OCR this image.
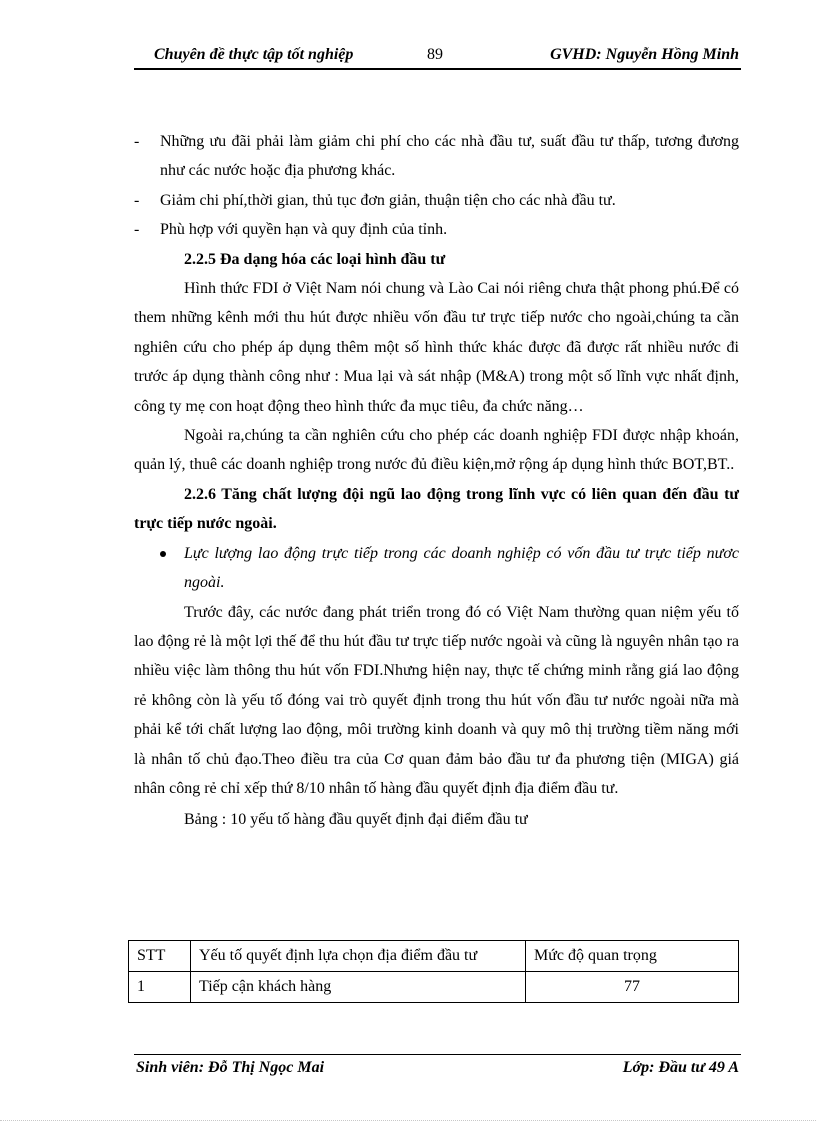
Chuyên đề thực tập tốt nghiệp	89	GVHD: Nguyễn Hồng Minh

- Những ưu đãi phải làm giảm chi phí cho các nhà đầu tư, suất đầu tư thấp, tương đương như các nước hoặc địa phương khác.

- Giảm chi phí,thời gian, thủ tục đơn giản, thuận tiện cho các nhà đầu tư.

- Phù hợp với quyền hạn và quy định của tỉnh.

2.2.5 Đa dạng hóa các loại hình đầu tư

Hình thức FDI ở Việt Nam nói chung và Lào Cai nói riêng chưa thật phong phú.Để có them những kênh mới thu hút được nhiều vốn đầu tư trực tiếp nước cho ngoài,chúng ta cần nghiên cứu cho phép áp dụng thêm một số hình thức khác được đã được rất nhiều nước đi trước áp dụng thành công như : Mua lại và sát nhập (M&A) trong một số lĩnh vực nhất định, công ty mẹ con hoạt động theo hình thức đa mục tiêu, đa chức năng…

Ngoài ra,chúng ta cần nghiên cứu cho phép các doanh nghiệp FDI được nhập khoán, quản lý, thuê các doanh nghiệp trong nước đủ điều kiện,mở rộng áp dụng hình thức BOT,BT..

2.2.6 Tăng chất lượng đội ngũ lao động trong lĩnh vực có liên quan đến đầu tư trực tiếp nước ngoài.

Lực lượng lao động trực tiếp trong các doanh nghiệp có vốn đầu tư trực tiếp nươc ngoài.

Trước đây, các nước đang phát triển trong đó có Việt Nam thường quan niệm yếu tố lao động rẻ là một lợi thế để thu hút đầu tư trực tiếp nước ngoài và cũng là nguyên nhân tạo ra nhiều việc làm thông thu hút vốn FDI.Nhưng hiện nay, thực tế chứng minh rằng giá lao động rẻ không còn là yếu tố đóng vai trò quyết định trong thu hút vốn đầu tư nước ngoài nữa mà phải kể tới chất lượng lao động, môi trường kinh doanh và quy mô thị trường tiềm năng mới là nhân tố chủ đạo.Theo điều tra của Cơ quan đảm bảo đầu tư đa phương tiện (MIGA) giá nhân công rẻ chỉ xếp thứ 8/10 nhân tố hàng đầu quyết định địa điểm đầu tư.

Bảng : 10 yếu tố hàng đầu quyết định đại điểm đầu tư

STT	Yếu tố quyết định lựa chọn địa điểm đầu tư	Mức độ quan trọng
1	Tiếp cận khách hàng	77
Sinh viên: Đỗ Thị Ngọc Mai	Lớp: Đầu tư 49 A
